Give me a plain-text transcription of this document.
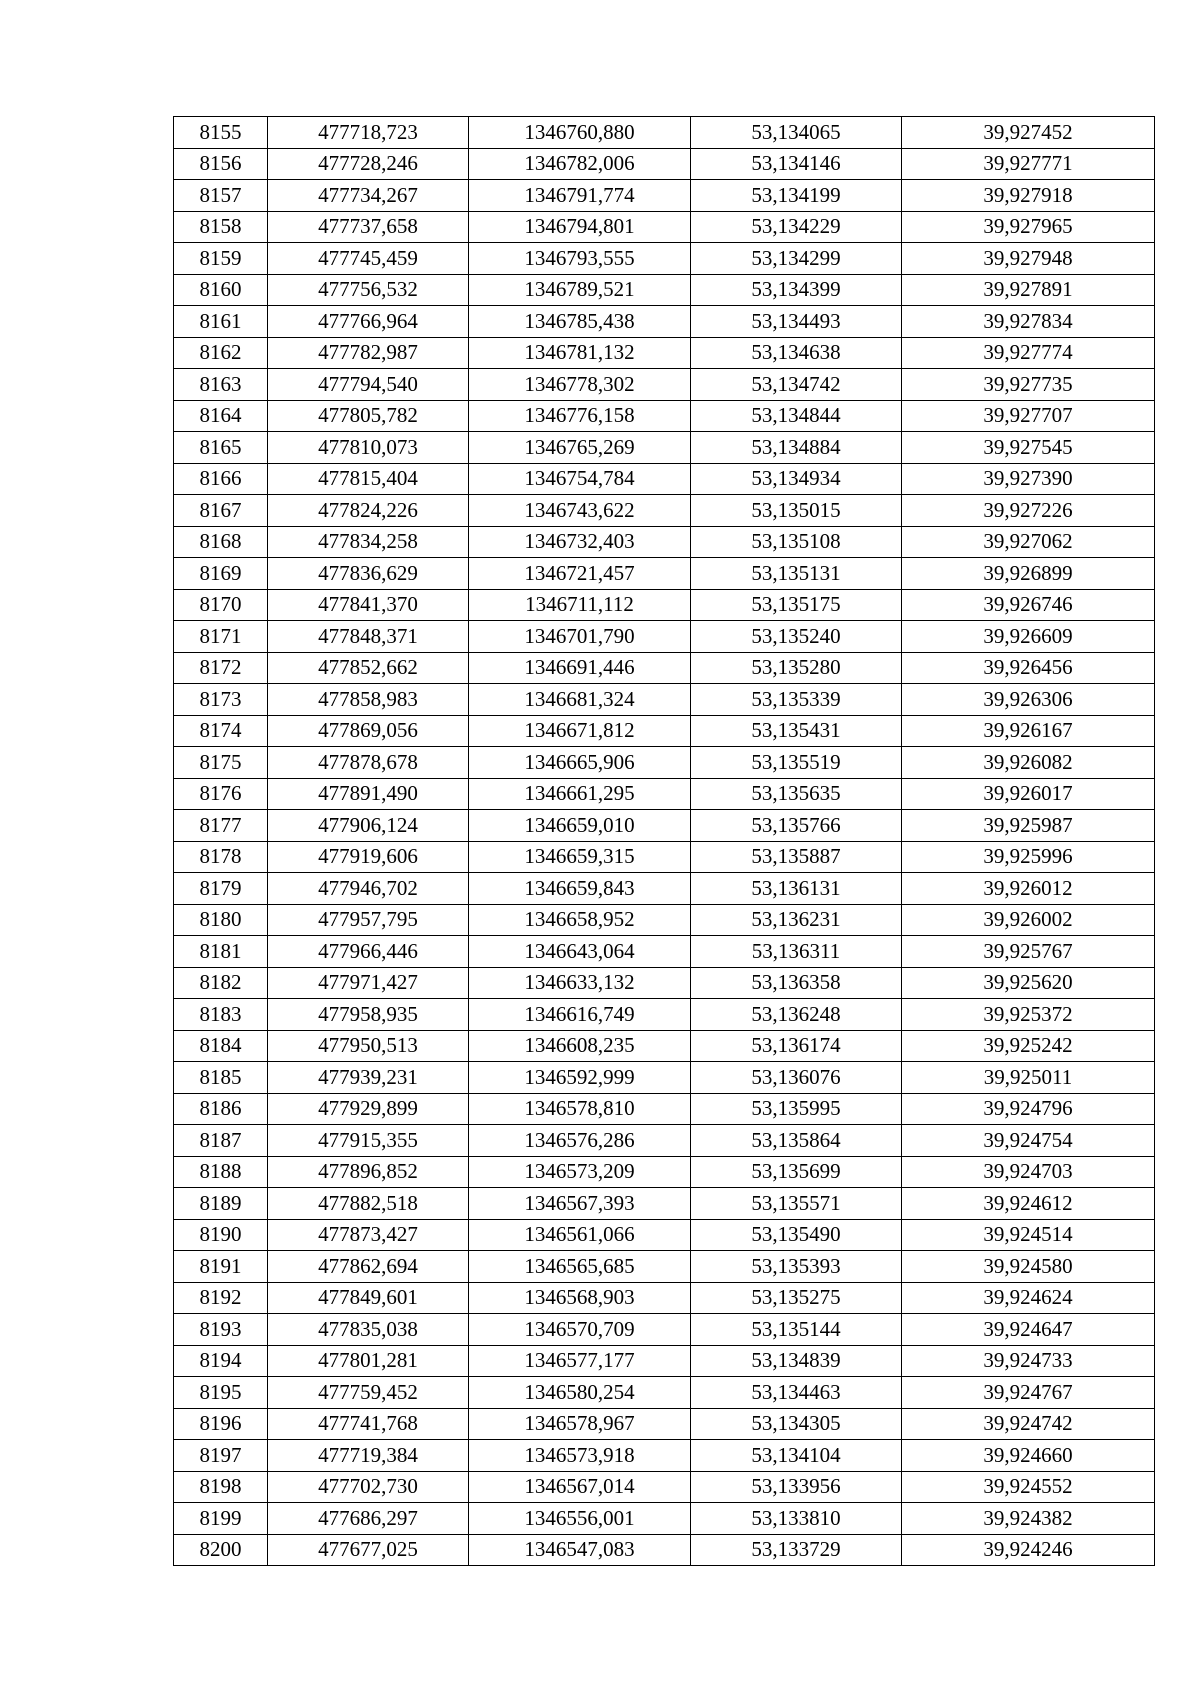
8155	477718,723	1346760,880	53,134065	39,927452
8156	477728,246	1346782,006	53,134146	39,927771
8157	477734,267	1346791,774	53,134199	39,927918
8158	477737,658	1346794,801	53,134229	39,927965
8159	477745,459	1346793,555	53,134299	39,927948
8160	477756,532	1346789,521	53,134399	39,927891
8161	477766,964	1346785,438	53,134493	39,927834
8162	477782,987	1346781,132	53,134638	39,927774
8163	477794,540	1346778,302	53,134742	39,927735
8164	477805,782	1346776,158	53,134844	39,927707
8165	477810,073	1346765,269	53,134884	39,927545
8166	477815,404	1346754,784	53,134934	39,927390
8167	477824,226	1346743,622	53,135015	39,927226
8168	477834,258	1346732,403	53,135108	39,927062
8169	477836,629	1346721,457	53,135131	39,926899
8170	477841,370	1346711,112	53,135175	39,926746
8171	477848,371	1346701,790	53,135240	39,926609
8172	477852,662	1346691,446	53,135280	39,926456
8173	477858,983	1346681,324	53,135339	39,926306
8174	477869,056	1346671,812	53,135431	39,926167
8175	477878,678	1346665,906	53,135519	39,926082
8176	477891,490	1346661,295	53,135635	39,926017
8177	477906,124	1346659,010	53,135766	39,925987
8178	477919,606	1346659,315	53,135887	39,925996
8179	477946,702	1346659,843	53,136131	39,926012
8180	477957,795	1346658,952	53,136231	39,926002
8181	477966,446	1346643,064	53,136311	39,925767
8182	477971,427	1346633,132	53,136358	39,925620
8183	477958,935	1346616,749	53,136248	39,925372
8184	477950,513	1346608,235	53,136174	39,925242
8185	477939,231	1346592,999	53,136076	39,925011
8186	477929,899	1346578,810	53,135995	39,924796
8187	477915,355	1346576,286	53,135864	39,924754
8188	477896,852	1346573,209	53,135699	39,924703
8189	477882,518	1346567,393	53,135571	39,924612
8190	477873,427	1346561,066	53,135490	39,924514
8191	477862,694	1346565,685	53,135393	39,924580
8192	477849,601	1346568,903	53,135275	39,924624
8193	477835,038	1346570,709	53,135144	39,924647
8194	477801,281	1346577,177	53,134839	39,924733
8195	477759,452	1346580,254	53,134463	39,924767
8196	477741,768	1346578,967	53,134305	39,924742
8197	477719,384	1346573,918	53,134104	39,924660
8198	477702,730	1346567,014	53,133956	39,924552
8199	477686,297	1346556,001	53,133810	39,924382
8200	477677,025	1346547,083	53,133729	39,924246
